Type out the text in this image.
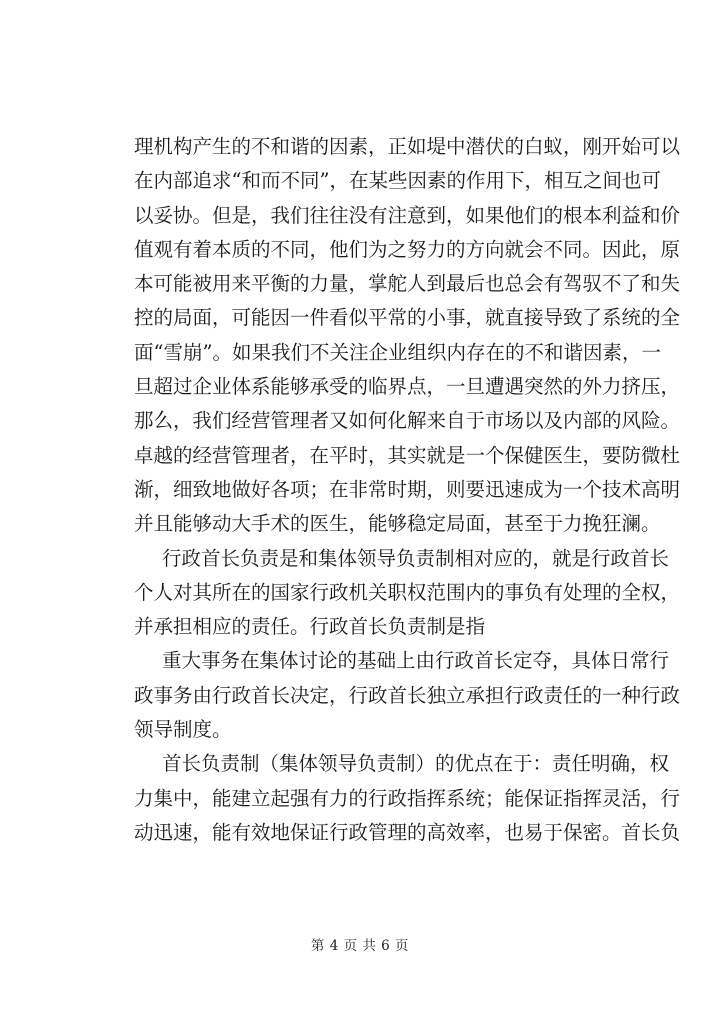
理机构产生的不和谐的因素，正如堤中潜伏的白蚁，刚开始可以
在内部追求“和而不同”，在某些因素的作用下，相互之间也可
以妥协。但是，我们往往没有注意到，如果他们的根本利益和价
值观有着本质的不同，他们为之努力的方向就会不同。因此，原
本可能被用来平衡的力量，掌舵人到最后也总会有驾驭不了和失
控的局面，可能因一件看似平常的小事，就直接导致了系统的全
面“雪崩”。如果我们不关注企业组织内存在的不和谐因素，一
旦超过企业体系能够承受的临界点，一旦遭遇突然的外力挤压，
那么，我们经营管理者又如何化解来自于市场以及内部的风险。
卓越的经营管理者，在平时，其实就是一个保健医生，要防微杜
渐，细致地做好各项；在非常时期，则要迅速成为一个技术高明
并且能够动大手术的医生，能够稳定局面，甚至于力挽狂澜。
行政首长负责是和集体领导负责制相对应的，就是行政首长
个人对其所在的国家行政机关职权范围内的事负有处理的全权，
并承担相应的责任。行政首长负责制是指
重大事务在集体讨论的基础上由行政首长定夺，具体日常行
政事务由行政首长决定，行政首长独立承担行政责任的一种行政
领导制度。
首长负责制（集体领导负责制）的优点在于：责任明确，权
力集中，能建立起强有力的行政指挥系统；能保证指挥灵活，行
动迅速，能有效地保证行政管理的高效率，也易于保密。首长负
第 4 页 共 6 页
